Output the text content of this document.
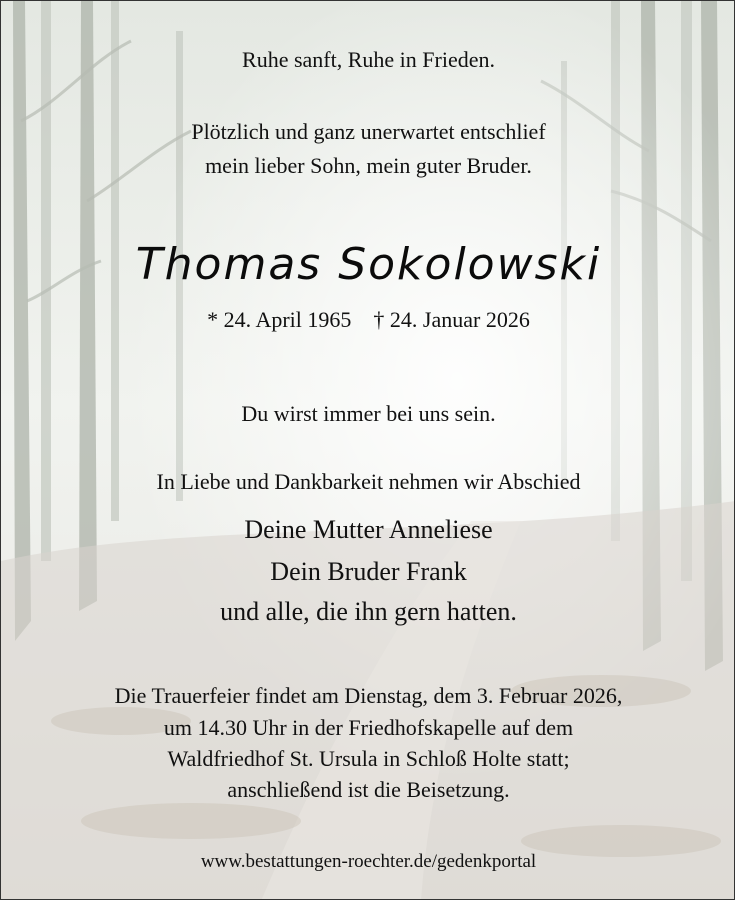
Ruhe sanft, Ruhe in Frieden.
Plötzlich und ganz unerwartet entschlief
mein lieber Sohn, mein guter Bruder.
Thomas Sokolowski
* 24. April 1965 † 24. Januar 2026
Du wirst immer bei uns sein.
In Liebe und Dankbarkeit nehmen wir Abschied
Deine Mutter Anneliese
Dein Bruder Frank
und alle, die ihn gern hatten.
Die Trauerfeier findet am Dienstag, dem 3. Februar 2026,
um 14.30 Uhr in der Friedhofskapelle auf dem
Waldfriedhof St. Ursula in Schloß Holte statt;
anschließend ist die Beisetzung.
www.bestattungen-roechter.de/gedenkportal
